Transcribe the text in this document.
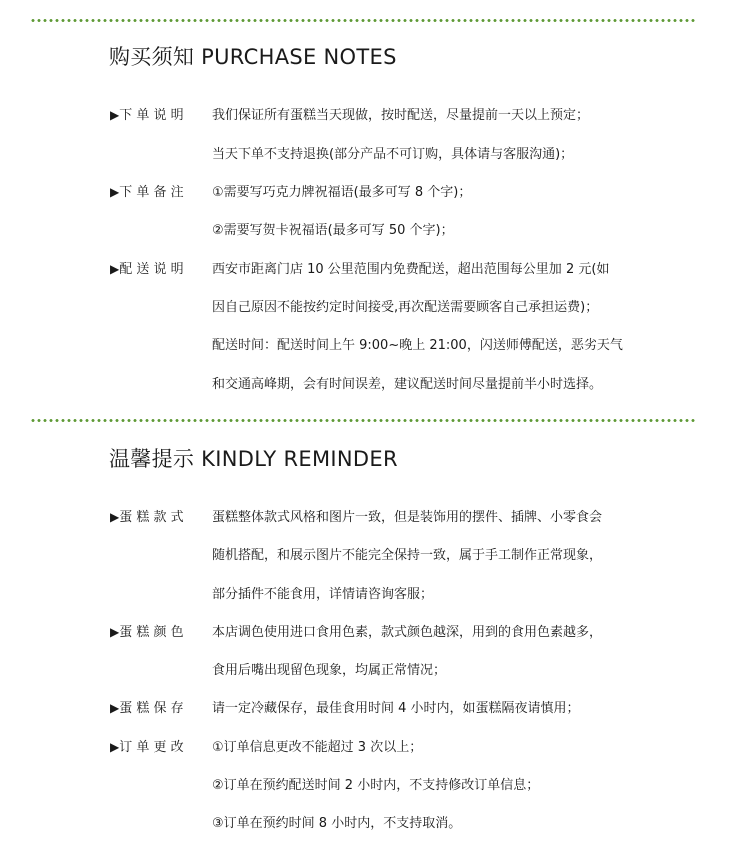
购买须知 PURCHASE NOTES
▶下 单 说 明 我们保证所有蛋糕当天现做，按时配送，尽量提前一天以上预定；
当天下单不支持退换(部分产品不可订购，具体请与客服沟通)；
▶下 单 备 注 ①需要写巧克力牌祝福语(最多可写 8 个字)；
②需要写贺卡祝福语(最多可写 50 个字)；
▶配 送 说 明 西安市距离门店 10 公里范围内免费配送，超出范围每公里加 2 元(如
因自己原因不能按约定时间接受,再次配送需要顾客自己承担运费)；
配送时间：配送时间上午 9:00~晚上 21:00，闪送师傅配送，恶劣天气
和交通高峰期，会有时间误差，建议配送时间尽量提前半小时选择。
温馨提示 KINDLY REMINDER
▶蛋 糕 款 式 蛋糕整体款式风格和图片一致，但是装饰用的摆件、插牌、小零食会
随机搭配，和展示图片不能完全保持一致，属于手工制作正常现象，
部分插件不能食用，详情请咨询客服；
▶蛋 糕 颜 色 本店调色使用进口食用色素，款式颜色越深，用到的食用色素越多，
食用后嘴出现留色现象，均属正常情况；
▶蛋 糕 保 存 请一定冷藏保存，最佳食用时间 4 小时内，如蛋糕隔夜请慎用；
▶订 单 更 改 ①订单信息更改不能超过 3 次以上；
②订单在预约配送时间 2 小时内，不支持修改订单信息；
③订单在预约时间 8 小时内，不支持取消。
